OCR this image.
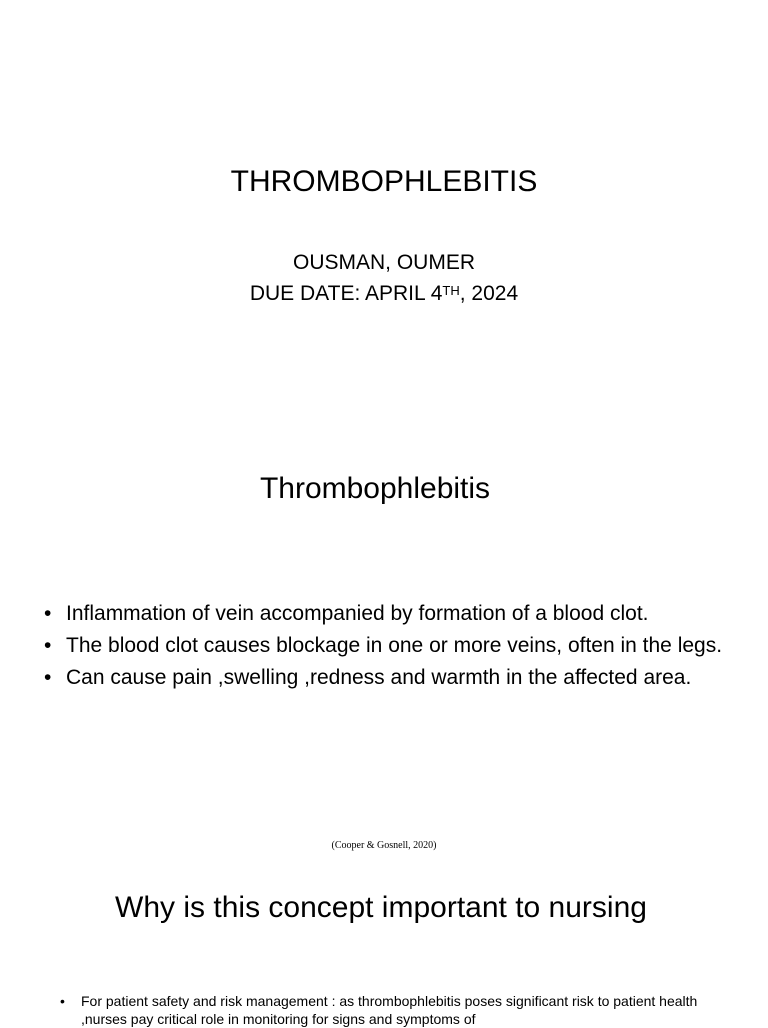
THROMBOPHLEBITIS
OUSMAN, OUMER
DUE DATE: APRIL 4TH, 2024
Thrombophlebitis
• Inflammation of vein accompanied by formation of a blood clot.
• The blood clot causes blockage in one or more veins, often in the legs.
• Can cause pain ,swelling ,redness and warmth in the affected area.
(Cooper & Gosnell, 2020)
Why is this concept important to nursing
• For patient safety and risk management : as thrombophlebitis poses significant risk to patient health ,nurses pay critical role in monitoring for signs and symptoms of
